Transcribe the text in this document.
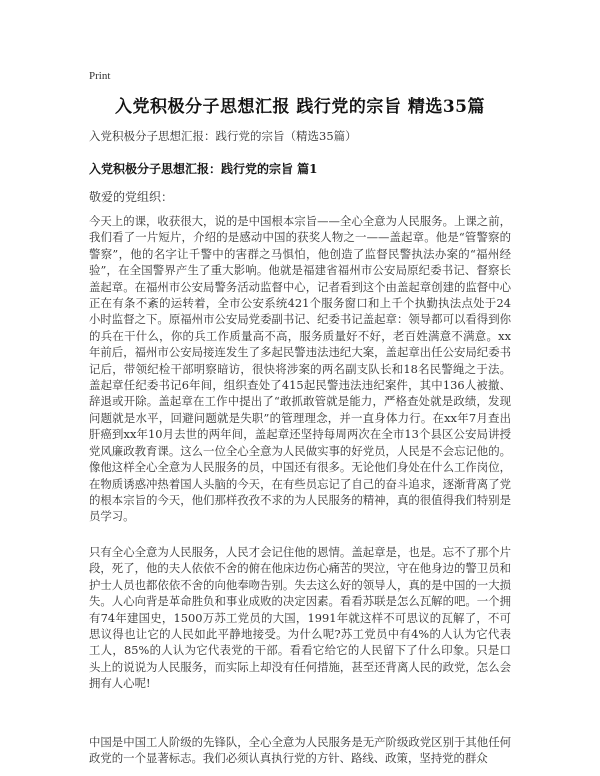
Print
入党积极分子思想汇报 践行党的宗旨 精选35篇
入党积极分子思想汇报：践行党的宗旨（精选35篇）
入党积极分子思想汇报：践行党的宗旨 篇1
敬爱的党组织：

今天上的课，收获很大，说的是中国根本宗旨——全心全意为人民服务。上课之前，我们看了一片短片，介绍的是感动中国的获奖人物之一——盖起章。他是“管警察的警察”，他的名字让千警中的害群之马惧怕，他创造了监督民警执法办案的“福州经验”，在全国警界产生了重大影响。他就是福建省福州市公安局原纪委书记、督察长盖起章。在福州市公安局警务活动监督中心，记者看到这个由盖起章创建的监督中心正在有条不紊的运转着，全市公安系统421个服务窗口和上千个执勤执法点处于24小时监督之下。原福州市公安局党委副书记、纪委书记盖起章：领导都可以看得到你的兵在干什么，你的兵工作质量高不高，服务质量好不好，老百姓满意不满意。xx年前后，福州市公安局接连发生了多起民警违法违纪大案，盖起章出任公安局纪委书记后，带领纪检干部明察暗访，很快将涉案的两名副支队长和18名民警绳之于法。盖起章任纪委书记6年间，组织查处了415起民警违法违纪案件，其中136人被撤、辞退或开除。盖起章在工作中提出了“敢抓敢管就是能力，严格查处就是政绩，发现问题就是水平，回避问题就是失职”的管理理念，并一直身体力行。在xx年7月查出肝癌到xx年10月去世的两年间，盖起章还坚持每周两次在全市13个县区公安局讲授党风廉政教育课。这么一位全心全意为人民做实事的好党员，人民是不会忘记他的。像他这样全心全意为人民服务的员，中国还有很多。无论他们身处在什么工作岗位，在物质诱惑冲热着国人头脑的今天，在有些员忘记了自己的奋斗追求，逐渐背离了党的根本宗旨的今天，他们那样孜孜不求的为人民服务的精神，真的很值得我们特别是员学习。

只有全心全意为人民服务，人民才会记住他的恩情。盖起章是，也是。忘不了那个片段，死了，他的夫人依依不舍的俯在他床边伤心痛苦的哭泣，守在他身边的警卫员和护士人员也都依依不舍的向他奉吻告别。失去这么好的领导人，真的是中国的一大损失。人心向背是革命胜负和事业成败的决定因素。看看苏联是怎么瓦解的吧。一个拥有74年建国史，1500万苏工党员的大国，1991年就这样不可思议的瓦解了，不可思议得也让它的人民如此平静地接受。为什么呢?苏工党员中有4%的人认为它代表工人，85%的人认为它代表党的干部。看看它给它的人民留下了什么印象。只是口头上的说说为人民服务，而实际上却没有任何措施，甚至还背离人民的政党，怎么会拥有人心呢!

中国是中国工人阶级的先锋队，全心全意为人民服务是无产阶级政党区别于其他任何政党的一个显著标志。我们必须认真执行党的方针、路线、政策，坚持党的群众
